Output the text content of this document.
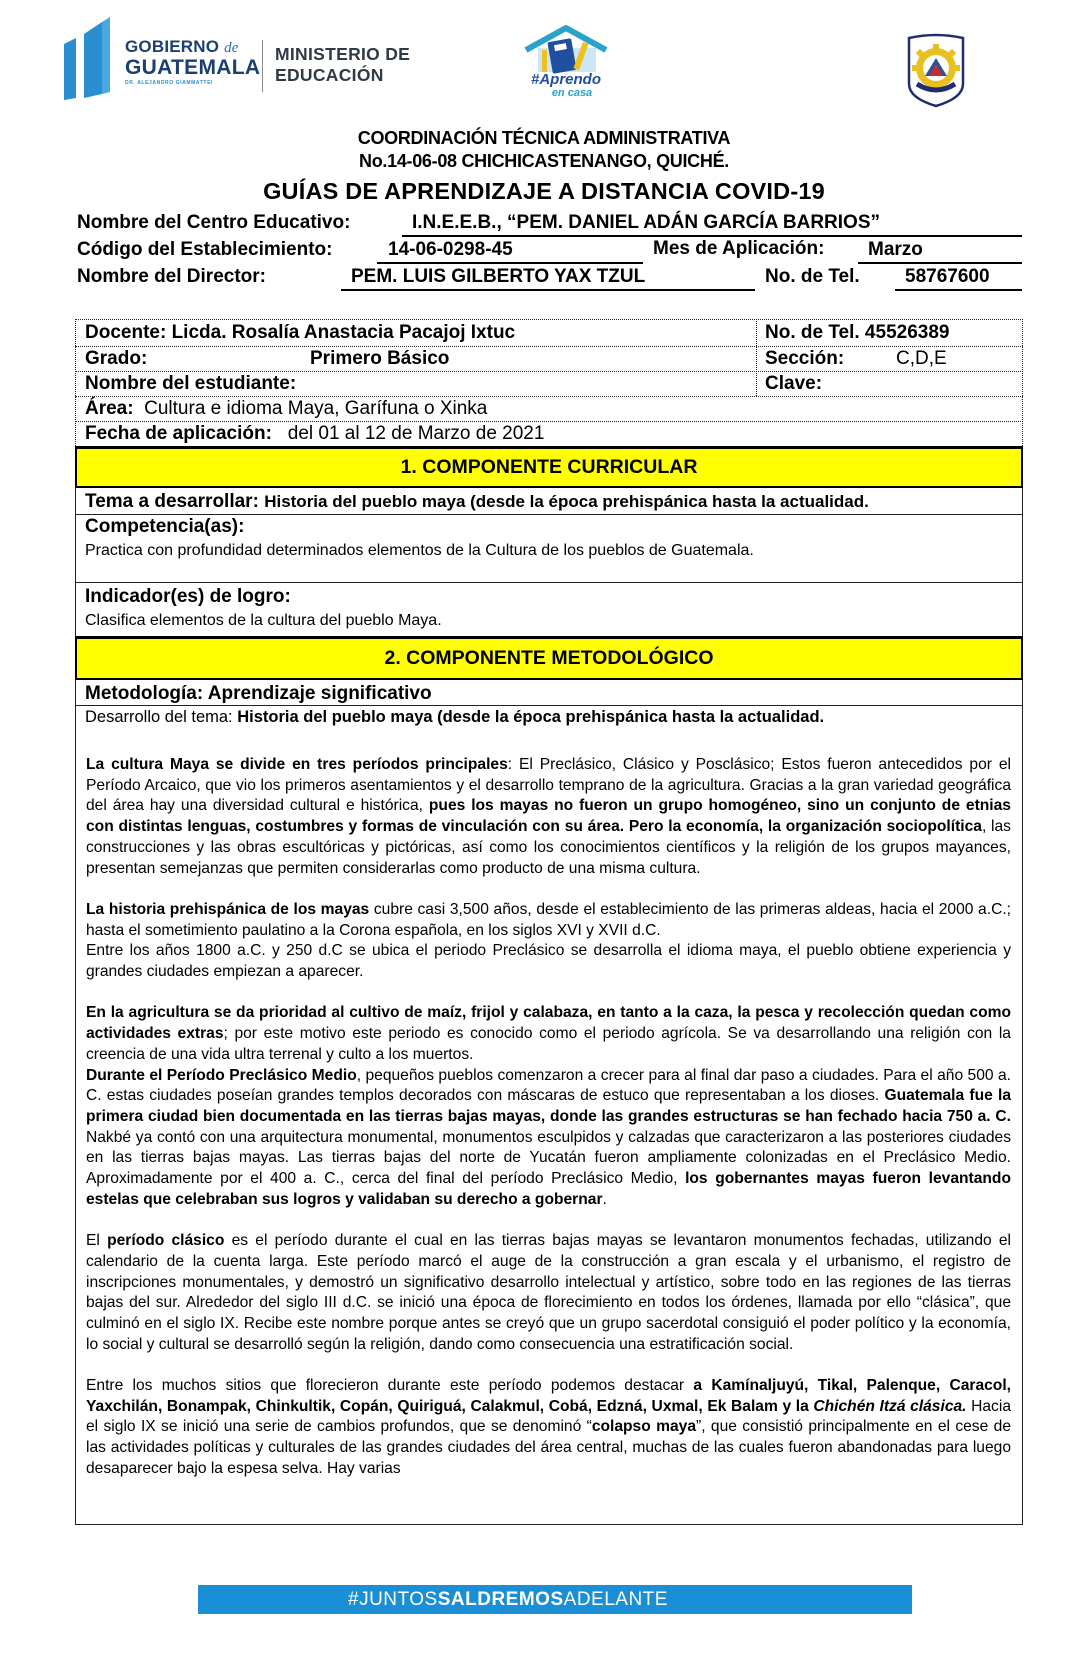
GOBIERNO de
GUATEMALA
DR. ALEJANDRO GIAMMATTEI
MINISTERIO DE
EDUCACIÓN	#Aprendo
en casa
COORDINACIÓN TÉCNICA ADMINISTRATIVA
No.14-06-08 CHICHICASTENANGO, QUICHÉ.
GUÍAS DE APRENDIZAJE A DISTANCIA COVID-19
Nombre del Centro Educativo:	I.N.E.E.B., “PEM. DANIEL ADÁN GARCÍA BARRIOS”
Código del Establecimiento:	14-06-0298-45	Mes de Aplicación: Marzo
Nombre del Director:	PEM. LUIS GILBERTO YAX TZUL	No. de Tel. 58767600
Docente: Licda. Rosalía Anastacia Pacajoj Ixtuc	No. de Tel. 45526389
Grado:	Primero Básico	Sección:	C,D,E
Nombre del estudiante:	Clave:
Área: Cultura e idioma Maya, Garífuna o Xinka
Fecha de aplicación: del 01 al 12 de Marzo de 2021
1. COMPONENTE CURRICULAR
Tema a desarrollar: Historia del pueblo maya (desde la época prehispánica hasta la actualidad.
Competencia(as):
Practica con profundidad determinados elementos de la Cultura de los pueblos de Guatemala.
Indicador(es) de logro:
Clasifica elementos de la cultura del pueblo Maya.
2. COMPONENTE METODOLÓGICO
Metodología: Aprendizaje significativo
Desarrollo del tema: Historia del pueblo maya (desde la época prehispánica hasta la actualidad.

La cultura Maya se divide en tres períodos principales: El Preclásico, Clásico y Posclásico; Estos fueron antecedidos por el Período Arcaico, que vio los primeros asentamientos y el desarrollo temprano de la agricultura. Gracias a la gran variedad geográfica del área hay una diversidad cultural e histórica, pues los mayas no fueron un grupo homogéneo, sino un conjunto de etnias con distintas lenguas, costumbres y formas de vinculación con su área. Pero la economía, la organización sociopolítica, las construcciones y las obras escultóricas y pictóricas, así como los conocimientos científicos y la religión de los grupos mayances, presentan semejanzas que permiten considerarlas como producto de una misma cultura.

La historia prehispánica de los mayas cubre casi 3,500 años, desde el establecimiento de las primeras aldeas, hacia el 2000 a.C.; hasta el sometimiento paulatino a la Corona española, en los siglos XVI y XVII d.C.

Entre los años 1800 a.C. y 250 d.C se ubica el periodo Preclásico se desarrolla el idioma maya, el pueblo obtiene experiencia y grandes ciudades empiezan a aparecer.

En la agricultura se da prioridad al cultivo de maíz, frijol y calabaza, en tanto a la caza, la pesca y recolección quedan como actividades extras; por este motivo este periodo es conocido como el periodo agrícola. Se va desarrollando una religión con la creencia de una vida ultra terrenal y culto a los muertos.

Durante el Período Preclásico Medio, pequeños pueblos comenzaron a crecer para al final dar paso a ciudades. Para el año 500 a. C. estas ciudades poseían grandes templos decorados con máscaras de estuco que representaban a los dioses. Guatemala fue la primera ciudad bien documentada en las tierras bajas mayas, donde las grandes estructuras se han fechado hacia 750 a. C. Nakbé ya contó con una arquitectura monumental, monumentos esculpidos y calzadas que caracterizaron a las posteriores ciudades en las tierras bajas mayas. Las tierras bajas del norte de Yucatán fueron ampliamente colonizadas en el Preclásico Medio. Aproximadamente por el 400 a. C., cerca del final del período Preclásico Medio, los gobernantes mayas fueron levantando estelas que celebraban sus logros y validaban su derecho a gobernar.

El período clásico es el período durante el cual en las tierras bajas mayas se levantaron monumentos fechadas, utilizando el calendario de la cuenta larga. Este período marcó el auge de la construcción a gran escala y el urbanismo, el registro de inscripciones monumentales, y demostró un significativo desarrollo intelectual y artístico, sobre todo en las regiones de las tierras bajas del sur. Alrededor del siglo III d.C. se inició una época de florecimiento en todos los órdenes, llamada por ello “clásica”, que culminó en el siglo IX. Recibe este nombre porque antes se creyó que un grupo sacerdotal consiguió el poder político y la economía, lo social y cultural se desarrolló según la religión, dando como consecuencia una estratificación social.

Entre los muchos sitios que florecieron durante este período podemos destacar a Kamínaljuyú, Tikal, Palenque, Caracol, Yaxchilán, Bonampak, Chinkultik, Copán, Quiriguá, Calakmul, Cobá, Edzná, Uxmal, Ek Balam y la Chichén Itzá clásica. Hacia el siglo IX se inició una serie de cambios profundos, que se denominó “colapso maya”, que consistió principalmente en el cese de las actividades políticas y culturales de las grandes ciudades del área central, muchas de las cuales fueron abandonadas para luego desaparecer bajo la espesa selva. Hay varias

#JUNTOSSALDREMOSADELANTE
